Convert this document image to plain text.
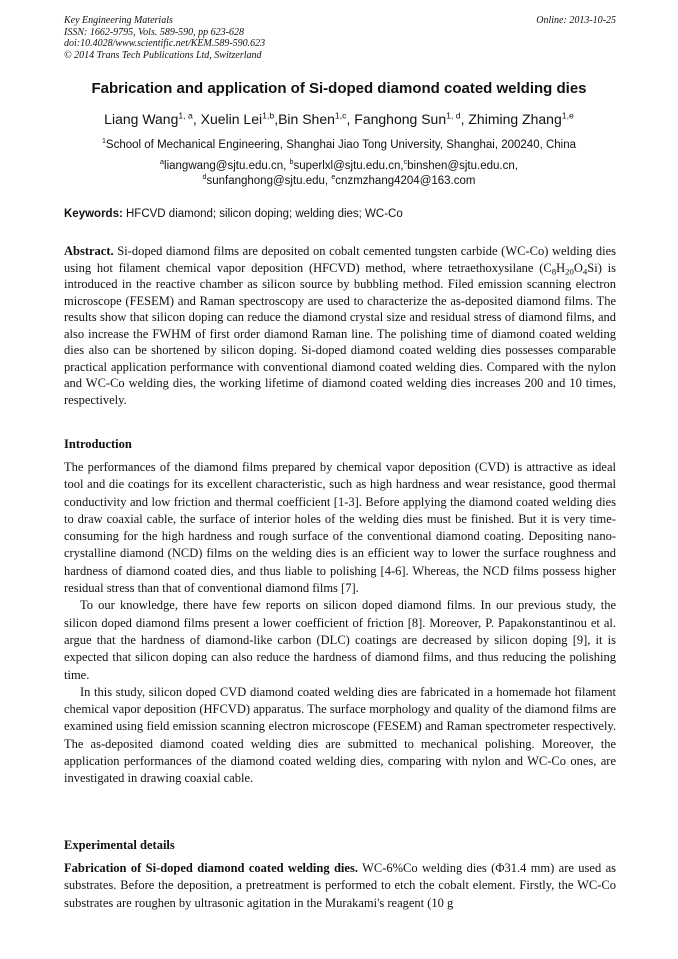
Key Engineering Materials
ISSN: 1662-9795, Vols. 589-590, pp 623-628
doi:10.4028/www.scientific.net/KEM.589-590.623
© 2014 Trans Tech Publications Ltd, Switzerland
Online: 2013-10-25
Fabrication and application of Si-doped diamond coated welding dies
Liang Wang$^{1, a}$, Xuelin Lei$^{1,b}$,Bin Shen$^{1,c}$, Fanghong Sun$^{1, d}$, Zhiming Zhang$^{1,e}$
$^1$School of Mechanical Engineering, Shanghai Jiao Tong University, Shanghai, 200240, China
$^a$liangwang@sjtu.edu.cn, $^b$superlxl@sjtu.edu.cn,$^c$binshen@sjtu.edu.cn,
$^d$sunfanghong@sjtu.edu, $^e$cnzmzhang4204@163.com
Keywords: HFCVD diamond; silicon doping; welding dies; WC-Co

Abstract. Si-doped diamond films are deposited on cobalt cemented tungsten carbide (WC-Co) welding dies using hot filament chemical vapor deposition (HFCVD) method, where tetraethoxysilane $(C_8H_{20}O_4Si)$ is introduced in the reactive chamber as silicon source by bubbling method. Filed emission scanning electron microscope (FESEM) and Raman spectroscopy are used to characterize the as-deposited diamond films. The results show that silicon doping can reduce the diamond crystal size and residual stress of diamond films, and also increase the FWHM of first order diamond Raman line. The polishing time of diamond coated welding dies also can be shortened by silicon doping. Si-doped diamond coated welding dies possesses comparable practical application performance with conventional diamond coated welding dies. Compared with the nylon and WC-Co welding dies, the working lifetime of diamond coated welding dies increases 200 and 10 times, respectively.

Introduction

The performances of the diamond films prepared by chemical vapor deposition (CVD) is attractive as ideal tool and die coatings for its excellent characteristic, such as high hardness and wear resistance, good thermal conductivity and low friction and thermal coefficient [1-3]. Before applying the diamond coated welding dies to draw coaxial cable, the surface of interior holes of the welding dies must be finished. But it is very time-consuming for the high hardness and rough surface of the conventional diamond coating. Depositing nano-crystalline diamond (NCD) films on the welding dies is an efficient way to lower the surface roughness and hardness of diamond coated dies, and thus liable to polishing [4-6]. Whereas, the NCD films possess higher residual stress than that of conventional diamond films [7].

To our knowledge, there have few reports on silicon doped diamond films. In our previous study, the silicon doped diamond films present a lower coefficient of friction [8]. Moreover, P. Papakonstantinou et al. argue that the hardness of diamond-like carbon (DLC) coatings are decreased by silicon doping [9], it is expected that silicon doping can also reduce the hardness of diamond films, and thus reducing the polishing time.

In this study, silicon doped CVD diamond coated welding dies are fabricated in a homemade hot filament chemical vapor deposition (HFCVD) apparatus. The surface morphology and quality of the diamond films are examined using field emission scanning electron microscope (FESEM) and Raman spectrometer respectively. The as-deposited diamond coated welding dies are submitted to mechanical polishing. Moreover, the application performances of the diamond coated welding dies, comparing with nylon and WC-Co ones, are investigated in drawing coaxial cable.

Experimental details

Fabrication of Si-doped diamond coated welding dies. WC-6%Co welding dies (Φ31.4 mm) are used as substrates. Before the deposition, a pretreatment is performed to etch the cobalt element. Firstly, the WC-Co substrates are roughen by ultrasonic agitation in the Murakami's reagent (10 g
